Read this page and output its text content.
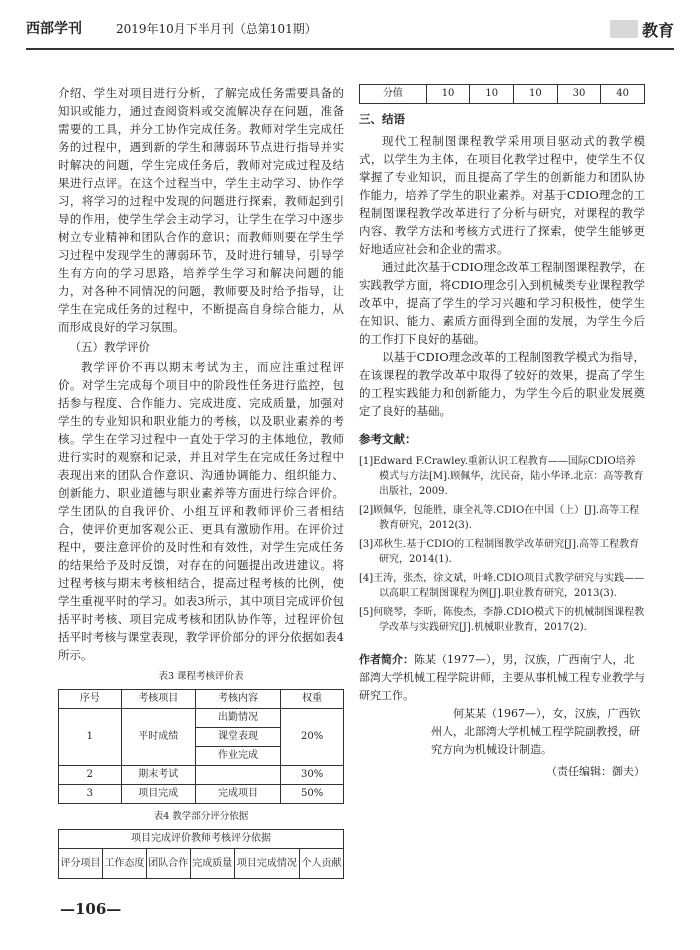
西部学刊	2019年10月下半月刊（总第101期）	教育

介绍、学生对项目进行分析，了解完成任务需要具备的知识或能力，通过查阅资料或交流解决存在问题，准备需要的工具，并分工协作完成任务。教师对学生完成任务的过程中，遇到新的学生和薄弱环节点进行指导并实时解决的问题，学生完成任务后，教师对完成过程及结果进行点评。在这个过程当中，学生主动学习、协作学习，将学习的过程中发现的问题进行探索，教师起到引导的作用，使学生学会主动学习，让学生在学习中逐步树立专业精神和团队合作的意识；而教师则要在学生学习过程中发现学生的薄弱环节，及时进行辅导，引导学生有方向的学习思路，培养学生学习和解决问题的能力，对各种不同情况的问题，教师要及时给予指导，让学生在完成任务的过程中，不断提高自身综合能力，从而形成良好的学习氛围。

（五）教学评价

教学评价不再以期末考试为主，而应注重过程评价。对学生完成每个项目中的阶段性任务进行监控，包括参与程度、合作能力、完成进度、完成质量，加强对学生的专业知识和职业能力的考核，以及职业素养的考核。学生在学习过程中一直处于学习的主体地位，教师进行实时的观察和记录，并且对学生在完成任务过程中表现出来的团队合作意识、沟通协调能力、组织能力、创新能力、职业道德与职业素养等方面进行综合评价。学生团队的自我评价、小组互评和教师评价三者相结合，使评价更加客观公正、更具有激励作用。在评价过程中，要注意评价的及时性和有效性，对学生完成任务的结果给予及时反馈，对存在的问题提出改进建议。将过程考核与期末考核相结合，提高过程考核的比例，使学生重视平时的学习。如表3所示，其中项目完成评价包括平时考核、项目完成考核和团队协作等，过程评价包括平时考核与课堂表现，教学评价部分的评分依据如表4所示。

表3 课程考核评价表
序号	考核项目	考核内容	权重
1	平时成绩	出勤情况	20%
		课堂表现	
		作业完成	
2	期末考试		30%
3	项目完成	完成项目	50%
表4 教学部分评分依据
项目完成评价教师考核评分依据
评分项目	工作态度	团队合作	完成质量	项目完成情况	个人贡献
分值	10	10	10	30	40
三、结语

现代工程制图课程教学采用项目驱动式的教学模式，以学生为主体，在项目化教学过程中，使学生不仅掌握了专业知识，而且提高了学生的创新能力和团队协作能力，培养了学生的职业素养。对基于CDIO理念的工程制图课程教学改革进行了分析与研究，对课程的教学内容、教学方法和考核方式进行了探索，使学生能够更好地适应社会和企业的需求。

通过此次基于CDIO理念改革工程制图课程教学，在实践教学方面，将CDIO理念引入到机械类专业课程教学改革中，提高了学生的学习兴趣和学习积极性，使学生在知识、能力、素质方面得到全面的发展，为学生今后的工作打下良好的基础。

以基于CDIO理念改革的工程制图教学模式为指导，在该课程的教学改革中取得了较好的效果，提高了学生的工程实践能力和创新能力，为学生今后的职业发展奠定了良好的基础。

参考文献：
[1]Edward F.Crawley.重新认识工程教育——国际CDIO培养模式与方法[M].顾佩华，沈民奋，陆小华译.北京：高等教育出版社，2009.
[2]顾佩华，包能胜，康全礼等.CDIO在中国（上）[J].高等工程教育研究，2012(3).
[3]邓秋生.基于CDIO的工程制图教学改革研究[J].高等工程教育研究，2014(1).
[4]王涛，张杰，徐文斌，叶峰.CDIO项目式教学研究与实践——以高职工程制图课程为例[J].职业教育研究，2013(3).
[5]何晓琴，李昕，陈俊杰，李静.CDIO模式下的机械制图课程教学改革与实践研究[J].机械职业教育，2017(2).
作者简介：陈某（1977—），男，汉族，广西南宁人，北部湾大学机械工程学院讲师，主要从事机械工程专业教学与研究工作。
何某某（1967—），女，汉族，广西钦州人，北部湾大学机械工程学院副教授，研究方向为机械设计制造。
（责任编辑：御夫）
—106—
